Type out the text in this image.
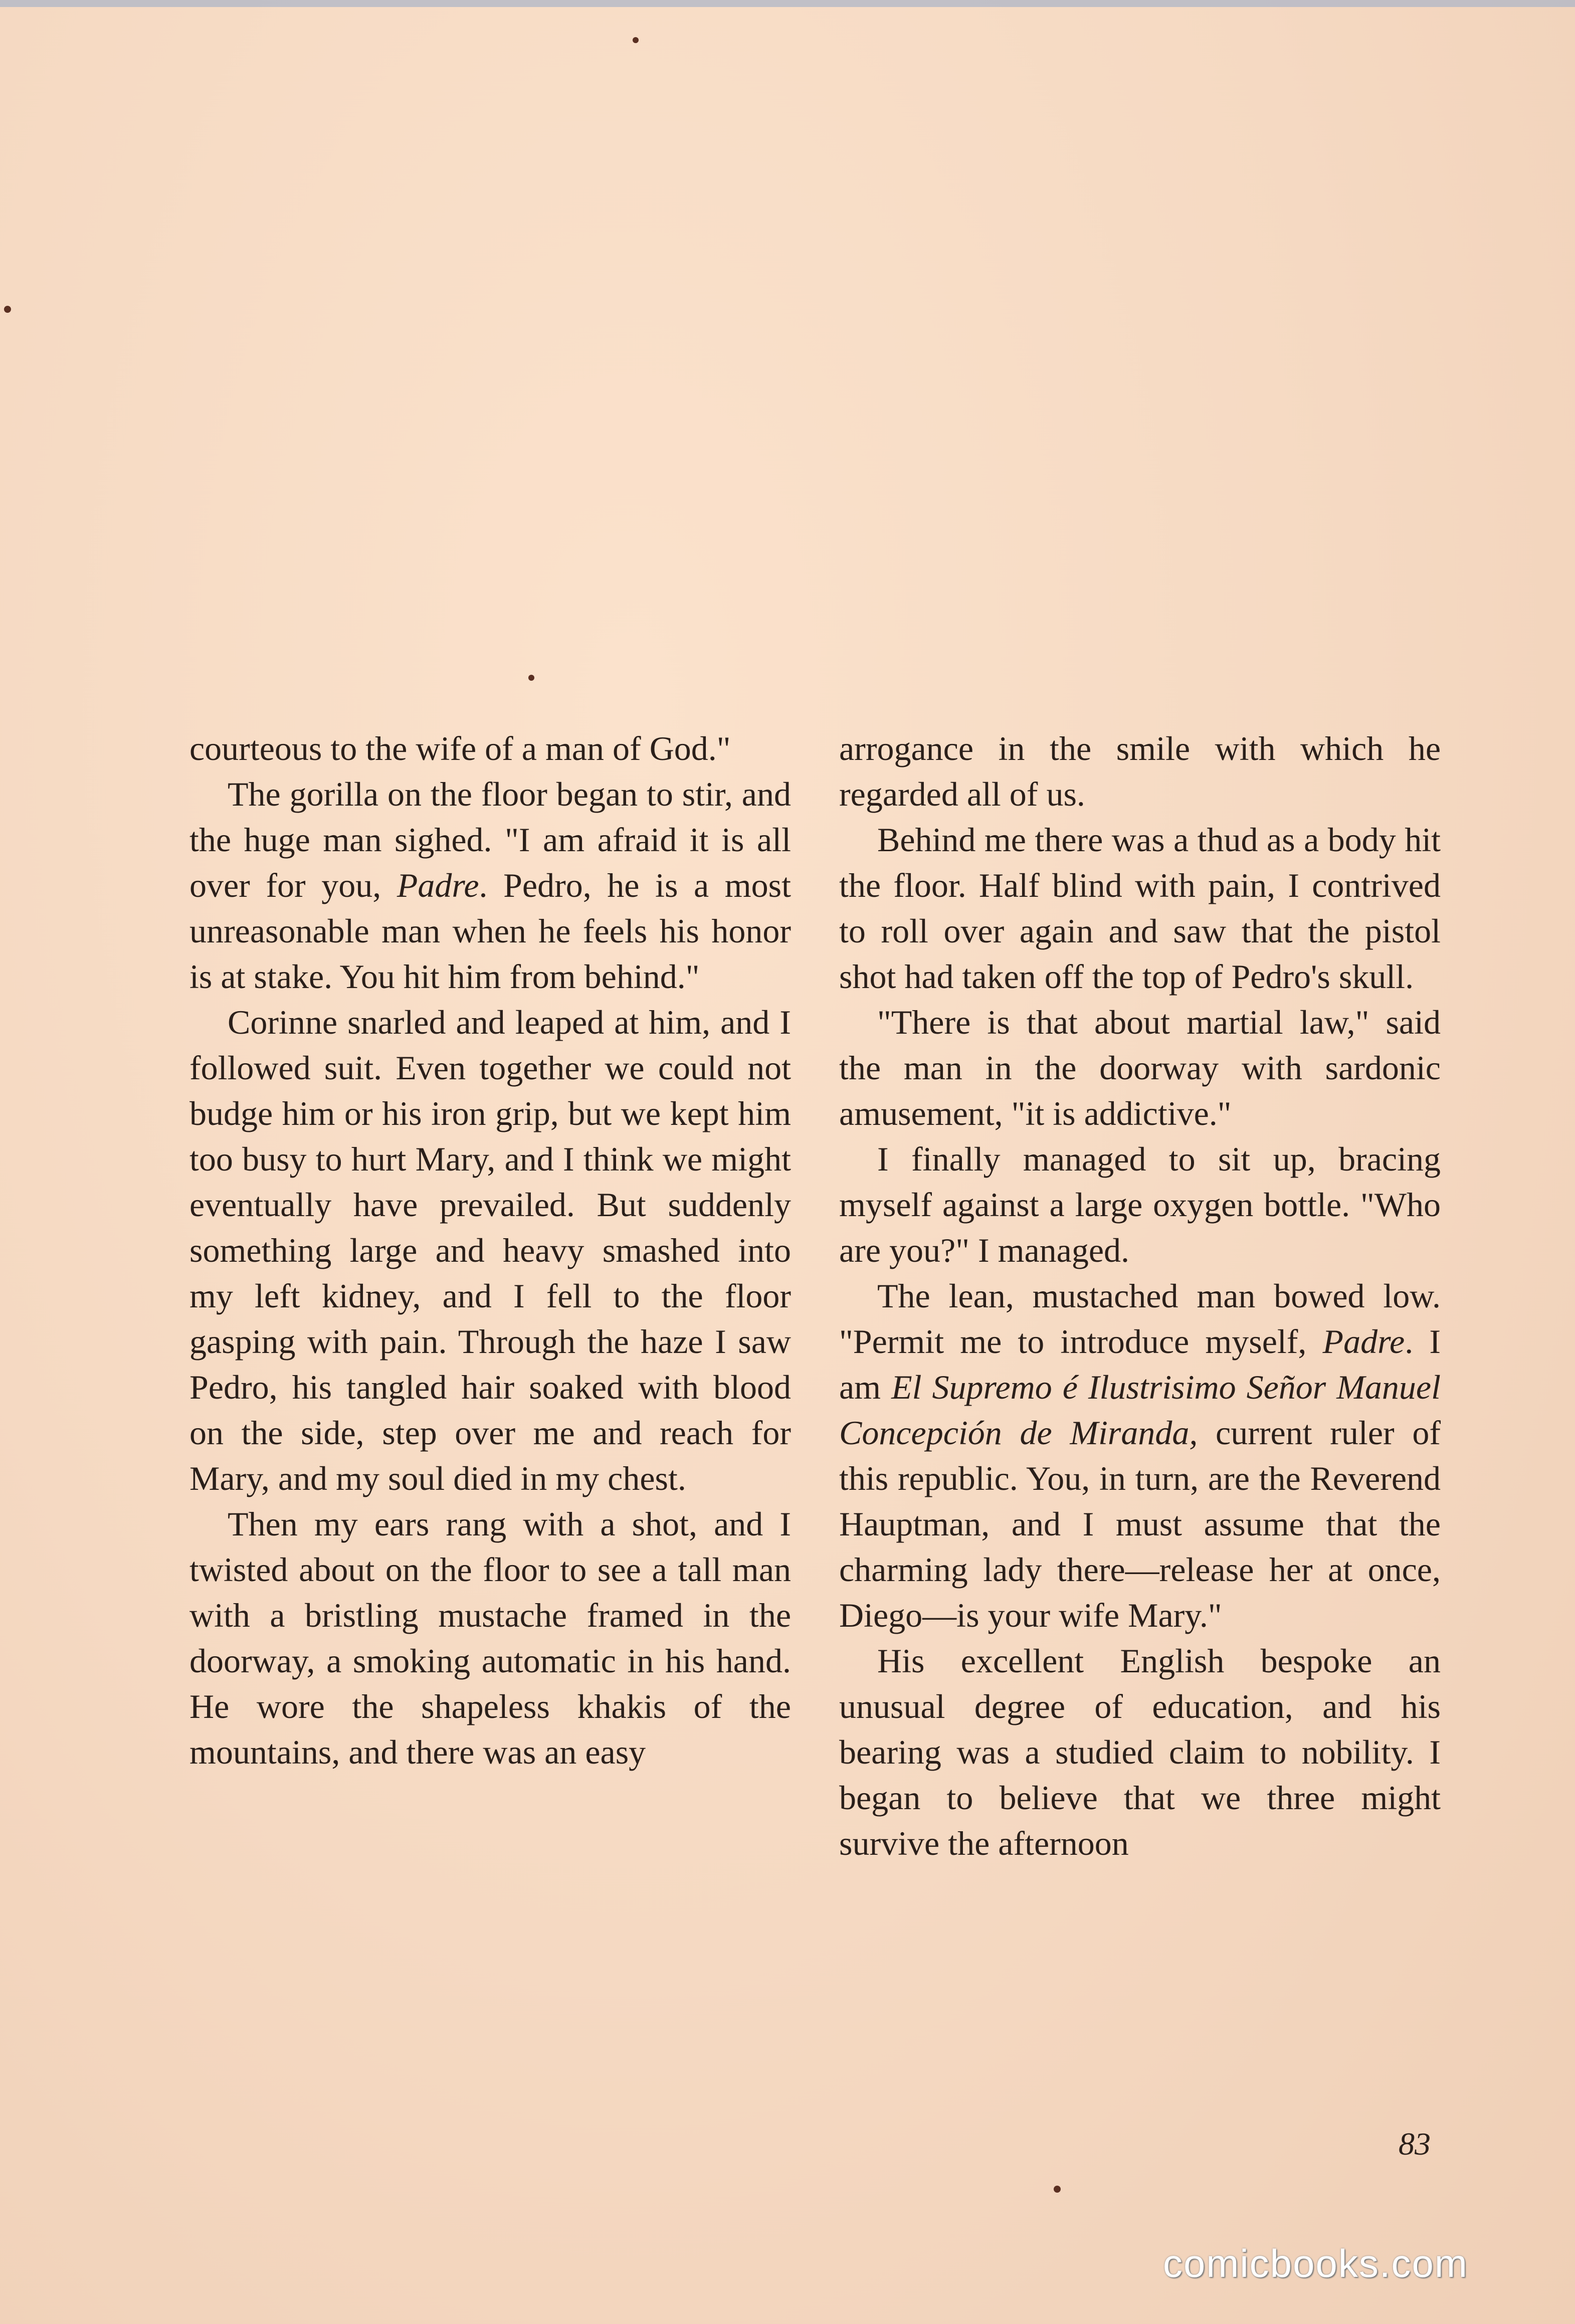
courteous to the wife of a man of God."

The gorilla on the floor began to stir, and the huge man sighed. "I am afraid it is all over for you, Padre. Pedro, he is a most unreasonable man when he feels his honor is at stake. You hit him from behind."

Corinne snarled and leaped at him, and I followed suit. Even together we could not budge him or his iron grip, but we kept him too busy to hurt Mary, and I think we might eventually have prevailed. But suddenly something large and heavy smashed into my left kidney, and I fell to the floor gasping with pain. Through the haze I saw Pedro, his tangled hair soaked with blood on the side, step over me and reach for Mary, and my soul died in my chest.

Then my ears rang with a shot, and I twisted about on the floor to see a tall man with a bristling mustache framed in the doorway, a smoking automatic in his hand. He wore the shapeless khakis of the mountains, and there was an easy

arrogance in the smile with which he regarded all of us.

Behind me there was a thud as a body hit the floor. Half blind with pain, I contrived to roll over again and saw that the pistol shot had taken off the top of Pedro's skull.

"There is that about martial law," said the man in the doorway with sardonic amusement, "it is addictive."

I finally managed to sit up, bracing myself against a large oxygen bottle. "Who are you?" I managed.

The lean, mustached man bowed low. "Permit me to introduce myself, Padre. I am El Supremo é Ilustrisimo Señor Manuel Concepción de Miranda, current ruler of this republic. You, in turn, are the Reverend Hauptman, and I must assume that the charming lady there—release her at once, Diego—is your wife Mary."

His excellent English bespoke an unusual degree of education, and his bearing was a studied claim to nobility. I began to believe that we three might survive the afternoon

83
comicbooks.com
